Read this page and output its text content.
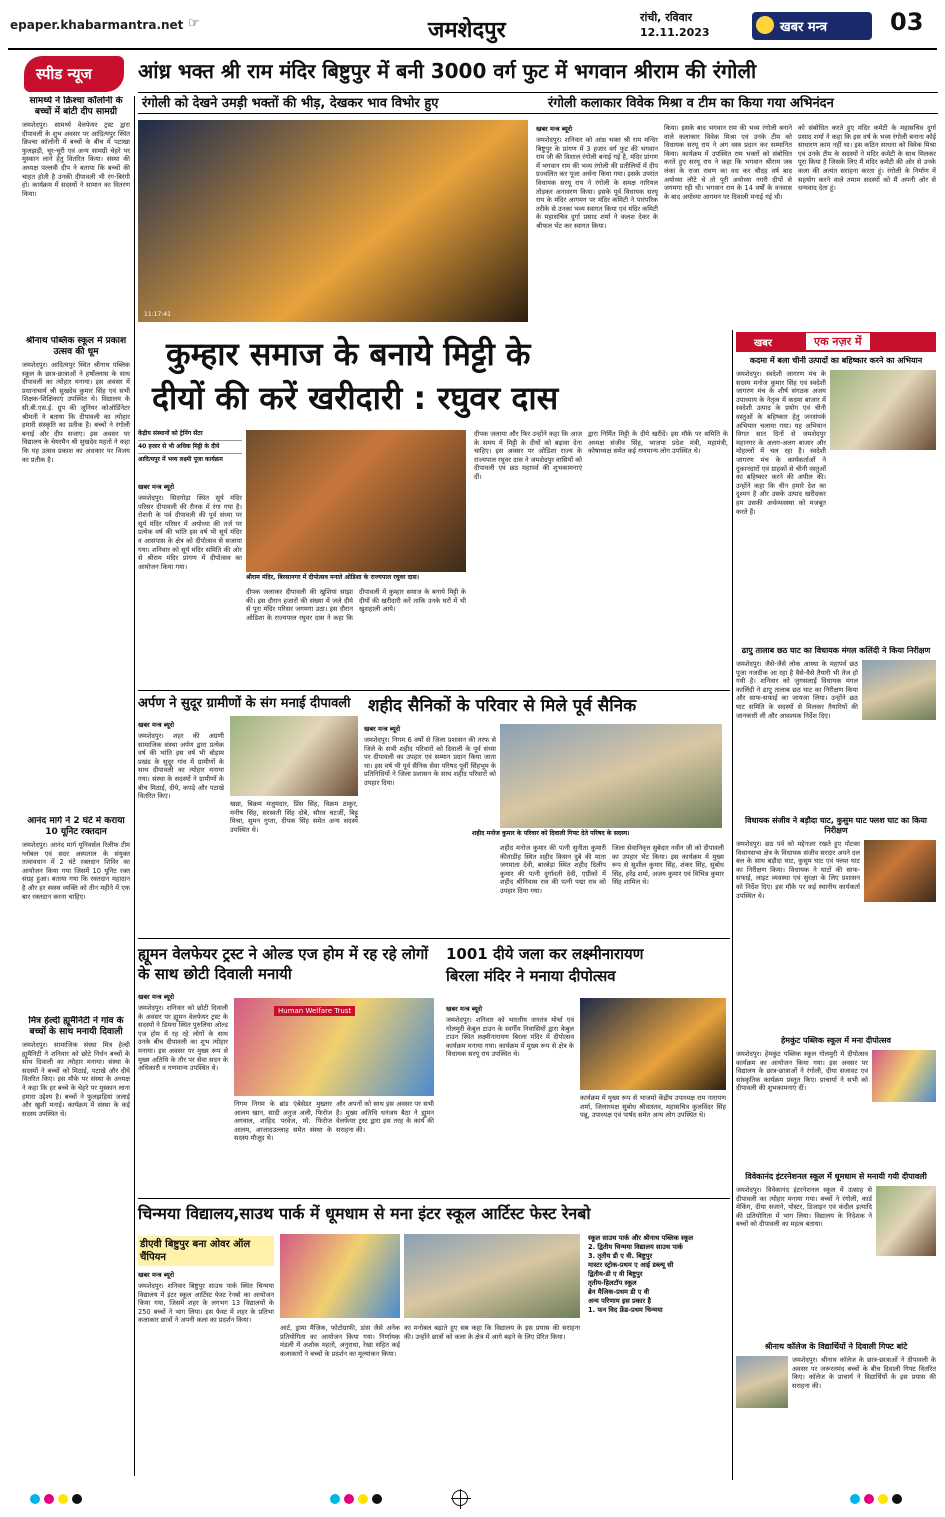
epaper.khabarmantra.net ☞	जमशेदपुर
रांची, रविवार
12.11.2023	खबर मन्त्र	03
स्पीड न्यूज आंध्र भक्त श्री राम मंदिर बिष्टुपुर में बनी 3000 वर्ग फुट में भगवान श्रीराम की रंगोली
रंगोली को देखने उमड़ी भक्तों की भीड़, देखकर भाव विभोर हुए	रंगोली कलाकार विवेक मिश्रा व टीम का किया गया अभिनंदन
11:17:41
खबर मन्त्र ब्यूरो
जमशेदपुर। शनिवार को आंध्र भक्त श्री राम मन्दिर बिष्टुपुर के प्रांगण में 3 हजार वर्ग फुट की भगवान राम जी की विशाल रंगोली बनाई गई है, मंदिर प्रांगण में भगवान राम की भव्य रंगोली की प्रतीलियों में दीप प्रज्वलित कर पूजा अर्चना किया गया। इसके उपरांत विधायक सरयू राय ने रंगोली के समक्ष नारियल तोड़कर अनावरण किया। इसके पूर्व विधायक सरयू राय के मंदिर आगमन पर मंदिर कमिटी ने पारंपरिक तरीके से उनका भव्य स्वागत किया एवं मंदिर कमिटी के महासचिव दुर्गा प्रसाद शर्मा ने कलश देकर के श्रीफल भेंट कर स्वागत किया।
किया। इसके बाद भगवान राम की भव्य रंगोली बनाने वाले कलाकार विवेक मिश्रा एवं उनके टीम को विधायक सरयू राय ने अंग वस्त्र प्रदान कर सम्मानित किया। कार्यक्रम में उपस्थित राम भक्तों को संबोधित करते हुए सरयू राय ने कहा कि भगवान श्रीराम जब लंका के राजा रावण का वध कर चौदह वर्ष बाद अयोध्या लौटे थे तो पूरी अयोध्या नगरी दीपों से जगमगा रही थी। भगवान राम के 14 वर्षों के वनवास के बाद अयोध्या आगमन पर दिवाली मनाई गई थी।
को संबोधित करते हुए मंदिर कमेटी के महासचिव दुर्गा प्रसाद शर्मा ने कहा कि इस वर्ष के भव्य रंगोली बनाना कोई साधारण काम नहीं था। इस कठिन साधना को विवेक मिश्रा एवं उनके टीम के सदस्यों ने मंदिर कमेटी के साथ मिलकर पूरा किया है जिसके लिए मैं मंदिर कमेटी की ओर से उनके कला की अत्यंत सराहना करता हूं। रंगोली के निर्माण में सहयोग करने वाले तमाम सदस्यों को मैं अपनी ओर से धन्यवाद देता हूं।
सामर्थ्य ने क्रिश्चा कॉलोनी के बच्चों में बांटी दीप सामग्री
जमशेदपुर। सामर्थ्य वेलफेयर ट्रस्ट द्वारा दीपावली के शुभ अवसर पर आदित्यपुर स्थित क्रिश्चा कॉलोनी में बच्चों के बीच में पटाखा फुलझड़ी, चूर-चूरी एवं अन्य सामग्री चेहरे पर मुस्कान लाने हेतु वितरित किया। संस्था की अध्यक्ष पल्लवी दीप ने बताया कि बच्चों की चाहत होती है उनकी दीपावली भी रंग-बिरंगी हो। कार्यक्रम में सदस्यों ने सामान का वितरण किया।
श्रीनाथ पब्लिक स्कूल में प्रकाश उत्सव की धूम
जमशेदपुर। आदित्यपुर स्थित श्रीनाथ पब्लिक स्कूल के छात्र-छात्राओं ने हर्षोल्लास के साथ दीपावली का त्योहार मनाया। इस अवसर में प्रधानाचार्य श्री सुखदेव कुमार सिंह एवं सभी शिक्षक-शिक्षिकाएं उपस्थित थे। विद्यालय के सी.बी.एस.ई. ग्रुप की जूनियर कोऑर्डिनेटर श्रीमती ने बताया कि दीपावली का त्योहार हमारी संस्कृति का प्रतीक है। बच्चों ने रंगोली बनाई और दीप सजाए। इस अवसर पर विद्यालय के चेयरमैन श्री सुखदेव महतो ने कहा कि यह उत्सव प्रकाश का अंधकार पर विजय का प्रतीक है।
आनंद मार्ग ने 2 घंटे में कराया 10 यूनिट रक्तदान
जमशेदपुर। आनंद मार्ग यूनिवर्सल रिलीफ टीम ग्लोबल एवं सदर अस्पताल के संयुक्त तत्वावधान में 2 घंटे रक्तदान शिविर का आयोजन किया गया जिसमें 10 यूनिट रक्त संग्रह हुआ। बताया गया कि रक्तदान महादान है और हर स्वस्थ व्यक्ति को तीन महीने में एक बार रक्तदान करना चाहिए।
मित्र हेल्दी ह्यूमैनिटी ने गांव के बच्चों के साथ मनायी दिवाली
जमशेदपुर। सामाजिक संस्था मित्र हेल्दी ह्यूमैनिटी ने शनिवार को छोटे निर्धन बच्चों के साथ दिवाली का त्योहार मनाया। संस्था के सदस्यों ने बच्चों को मिठाई, पटाखे और दीये वितरित किए। इस मौके पर संस्था के अध्यक्ष ने कहा कि हर बच्चे के चेहरे पर मुस्कान लाना हमारा उद्देश्य है। बच्चों ने फुलझड़ियां जलाई और खुशी मनाई। कार्यक्रम में संस्था के कई सदस्य उपस्थित थे।
कुम्हार समाज के बनाये मिट्टी के
दीयों की करें खरीदारी : रघुवर दास
केंद्रीय संस्थानों को ट्रेनिंग सेंटर
40 हजार से भी अधिक मिट्टी के दीये
आदित्यपुर में भव्य लक्ष्मी पूजा कार्यक्रम
खबर मन्त्र ब्यूरो
जमशेदपुर। सिदगोड़ा स्थित सूर्य मंदिर परिसर दीपावली की रौनक में रंगा गया है। रोशनी के पर्व दीपावली की पूर्व संध्या पर सूर्य मंदिर परिसर में अयोध्या की तर्ज पर प्रत्येक वर्ष की भांति इस वर्ष भी सूर्य मंदिर व आसपास के क्षेत्र को दीपोत्सव से सजाया गया। शनिवार को सूर्य मंदिर समिति की ओर से श्रीराम मंदिर प्रांगण में दीपोत्सव का आयोजन किया गया।
श्रीराम मंदिर, बिरसानगर में दीपोत्सव मनाते ओडिशा के राज्यपाल रघुवर दास।
दीपक जलाकर दीपावली की खुशियां साझा की। इस दौरान हजारों की संख्या में जले दीये से पूरा मंदिर परिसर जगमगा उठा। इस दौरान ओडिशा के राज्यपाल रघुवर दास ने कहा कि दीपावली में कुम्हार समाज के बनाये मिट्टी के दीयों की खरीदारी करें ताकि उनके घरों में भी खुशहाली आये।
दीपक जलाया और फिर उन्होंने कहा कि आज के समय में मिट्टी के दीयों को बढ़ावा देना चाहिए। इस अवसर पर ओडिशा राज्य के राज्यपाल रघुवर दास ने जमशेदपुर वासियों को दीपावली एवं छठ महापर्व की शुभकामनाएं दीं।
द्वारा निर्मित मिट्टी के दीये खरीदें। इस मौके पर समिति के अध्यक्ष संजीव सिंह, भाजपा प्रदेश मंत्री, महामंत्री, कोषाध्यक्ष समेत कई गणमान्य लोग उपस्थित थे।
अर्पण ने सुदूर ग्रामीणों के संग मनाई दीपावली
खबर मन्त्र ब्यूरो
जमशेदपुर। शहर की अग्रणी सामाजिक संस्था अर्पण द्वारा प्रत्येक वर्ष की भांति इस वर्ष भी बोड़ाम प्रखंड के सुदूर गांव में ग्रामीणों के साथ दीपावली का त्योहार मनाया गया। संस्था के सदस्यों ने ग्रामीणों के बीच मिठाई, दीये, कपड़े और पटाखे वितरित किए।
खन्ना, बिक्रम मजुमदार, प्रिंस सिंह, विक्रम ठाकुर, मनीष सिंह, सरस्वती सिंह दोबे, सौरव चटर्जी, बिट्टू मिश्रा, सुमन गुप्ता, दीपक सिंह समेत अन्य सदस्य उपस्थित थे।
शहीद सैनिकों के परिवार से मिले पूर्व सैनिक
खबर मन्त्र ब्यूरो
जमशेदपुर। निगम 6 वर्षों से जिला प्रशासन की तरफ से जिले के सभी शहीद परिवारों को दिवाली के पूर्व संध्या पर दीपावली का उपहार एवं सम्मान प्रदान किया जाता था। इस वर्ष भी पूर्व सैनिक सेवा परिषद पूर्वी सिंहभूम के प्रतिनिधियों ने जिला प्रशासन के साथ शहीद परिवारों को उपहार दिया।
शहीद मनोज कुमार के परिवार को दिवाली गिफ्ट देते परिषद के सदस्य।
शहीद मनोज कुमार की पत्नी सुनीता कुमारी कीताडीह स्थित शहीद किसन दुबे की माता जगमाता देवी, बारबेड़ा स्थित शहीद दिलीप कुमार की पत्नी दुर्गावती देवी, एग्रीको में शहीद श्रीनिवास राव की पत्नी पद्मा राव को उपहार दिया गया।
जिला सेवानिवृत्त सुबेदार नवीन जी को दीपावली का उपहार भेंट किया। इस कार्यक्रम में मुख्य रूप से सुशील कुमार सिंह, शंकर सिंह, सुबोध सिंह, हरेंद्र शर्मा, अजय कुमार एवं विभिन्न कुमार सिंह शामिल थे।
ह्यूमन वेलफेयर ट्रस्ट ने ओल्ड एज होम में रह रहे लोगों के साथ छोटी दिवाली मनायी
खबर मन्त्र ब्यूरो
जमशेदपुर। शनिवार को छोटी दिवाली के अवसर पर ह्यूमन वेलफेयर ट्रस्ट के सदस्यों ने डिमना स्थित पुरुलिया ओल्ड एज होम में रह रहे लोगों के साथ उनके बीच दीपावली का शुभ त्योहार मनाया। इस अवसर पर मुख्य रूप से मुख्य अतिथि के तौर पर सेवा सदन के अधिकारी व गणमान्य उपस्थित थे।
Human Welfare Trust
निगम निगम के ब्रांड एंबेसेडर मुख्तार आलम खान, सादी अनुज अली, फिरोज अगवाल, शाहिद परवेज, मो. फिरोज आलम, आजादउल्लाह समेत संस्था के सदस्य मौजूद थे।
और अपनों को साथ इस अवसर पर सभी है। मुख्य अतिथि धनंजय बैठा ने ह्यूमन वेलफेयर ट्रस्ट द्वारा इस तरह के कार्य की सराहना की।
1001 दीये जला कर लक्ष्मीनारायण
बिरला मंदिर ने मनाया दीपोत्सव
खबर मन्त्र ब्यूरो
जमशेदपुर। शनिवार को भारतीय जनतंत्र मोर्चा एवं गोलमुरी केबुल टाउन के स्वर्गीय निवासियों द्वारा केबुल टाउन स्थित लक्ष्मीनारायण बिरला मंदिर में दीपोत्सव कार्यक्रम मनाया गया। कार्यक्रम में मुख्य रूप से क्षेत्र के विधायक सरयू राय उपस्थित थे।
कार्यक्रम में मुख्य रूप से भाजमो केंद्रीय उपाध्यक्ष राम नारायण शर्मा, जिलाध्यक्ष सुबोध श्रीवास्तव, महासचिव कुलविंदर सिंह पन्नू, उपाध्यक्ष एवं पार्षद समेत अन्य लोग उपस्थित थे।
चिन्मया विद्यालय,साउथ पार्क में धूमधाम से मना इंटर स्कूल आर्टिस्ट फेस्ट रेनबो
डीएवी बिष्टुपुर बना ओवर ऑल चैंपियन
खबर मन्त्र ब्यूरो
जमशेदपुर। शनिवार बिष्टुपुर साउथ पार्क स्थित चिन्मया विद्यालय में इंटर स्कूल आर्टिस्ट फेस्ट रेनबो का आयोजन किया गया, जिसमें शहर के लगभग 13 विद्यालयों के 250 बच्चों ने भाग लिया। इस फेस्ट में शहर के प्रतिभा कलाकार छात्रों ने अपनी कला का प्रदर्शन किया।
आर्ट, ड्रामा मैजिक, फोटोग्राफी, डांस जैसे अनेक प्रतियोगिता का आयोजन किया गया। निर्णायक मंडली में अशोक महतो, अनुराधा, रेखा सहित कई कलाकारों ने बच्चों के प्रदर्शन का मूल्यांकन किया।
का मनोबल बढ़ाते हुए सब कहा कि विद्यालय के इस प्रयास की सराहना की। उन्होंने छात्रों को कला के क्षेत्र में आगे बढ़ने के लिए प्रेरित किया।
स्कूल साउथ पार्क और श्रीनाथ पब्लिक स्कूल
2. द्वितीय चिन्मया विद्यालय साउथ पार्क
3. तृतीय डी ए वी. बिष्टुपुर
मास्टर स्ट्रोक-प्रथम ए आई डब्ल्यू सी
द्वितीय-डी ए वी बिष्टुपुर
तृतीय-हिलटॉप स्कूल
ब्रेन मैजिक-प्रथम डी ए वी
अन्य परिणाम इस प्रकार है
1. फन विद फ्रेंड-प्रथम चिन्मया
खबर	एक नज़र में
कदमा में बला चीनी उत्पादों का बहिष्कार करने का अभियान
जमशेदपुर। स्वदेशी जागरण मंच के सदस्य मनोज कुमार सिंह एवं स्वदेशी जागरण मंच के शीर्ष संगठक अजय उपाध्याय के नेतृत्व में कदमा बाजार में स्वदेशी उत्पाद के प्रयोग एवं चीनी वस्तुओं के बहिष्कार हेतु जनसंपर्क अभियान चलाया गया। यह अभियान विगत सात दिनों से जमशेदपुर महानगर के अलग-अलग बाजार और मोहल्लों में चल रहा है। स्वदेशी जागरण मंच के कार्यकर्ताओं ने दुकानदारों एवं ग्राहकों से चीनी वस्तुओं का बहिष्कार करने की अपील की। उन्होंने कहा कि चीन हमारे देश का दुश्मन है और उसके उत्पाद खरीदकर हम उसकी अर्थव्यवस्था को मजबूत करते हैं।
ढाएु तालाब छठ घाट का विधायक मंगल कलिंदी ने किया निरीक्षण
जमशेदपुर। जैसे-जैसे लोक आस्था के महापर्व छठ पूजा नजदीक आ रहा है वैसे-वैसे तैयारी भी तेज हो गयी है। शनिवार को जुगसलाई विधायक मंगल कालिंदी ने ढाएु तालाब छठ घाट का निरीक्षण किया और साफ-सफाई का जायजा लिया। उन्होंने छठ घाट समिति के सदस्यों से मिलकर तैयारियों की जानकारी ली और आवश्यक निर्देश दिए।
विधायक संजीव ने बड़ौदा घाट, कुसुम घाट फ्लश घाट का किया निरीक्षण
जमशेदपुर। छठ पर्व को मद्देनजर रखते हुए पोटका विधानसभा क्षेत्र के विधायक संजीव सरदार अपने दल बल के साथ बड़ौदा घाट, कुसुम घाट एवं फ्लश घाट का निरीक्षण किया। विधायक ने घाटों की साफ-सफाई, लाइट व्यवस्था एवं सुरक्षा के लिए प्रशासन को निर्देश दिए। इस मौके पर कई स्थानीय कार्यकर्ता उपस्थित थे।
हेमकुंट पब्लिक स्कूल में मना दीपोत्सव
जमशेदपुर। हेमकुंट पब्लिक स्कूल गोलमुरी में दीपोत्सव कार्यक्रम का आयोजन किया गया। इस अवसर पर विद्यालय के छात्र-छात्राओं ने रंगोली, दीया सजावट एवं सांस्कृतिक कार्यक्रम प्रस्तुत किए। प्राचार्या ने सभी को दीपावली की शुभकामनाएं दीं।
विवेकानंद इंटरनेशनल स्कूल में धूमधाम से मनायी गयी दीपावली
जमशेदपुर। विवेकानंद इंटरनेशनल स्कूल में उत्साह से दीपावली का त्योहार मनाया गया। बच्चों ने रंगोली, कार्ड मेकिंग, दीया सजाने, पोस्टर, डिजाइन एवं कंदील इत्यादि की प्रतियोगिता में भाग लिया। विद्यालय के निदेशक ने बच्चों को दीपावली का महत्व बताया।
श्रीनाथ कॉलेज के विद्यार्थियों ने दिवाली गिफ्ट बांटे
जमशेदपुर। श्रीनाथ कॉलेज के छात्र-छात्राओं ने दीपावली के अवसर पर जरूरतमंद बच्चों के बीच दिवाली गिफ्ट वितरित किए। कॉलेज के प्राचार्य ने विद्यार्थियों के इस प्रयास की सराहना की।
